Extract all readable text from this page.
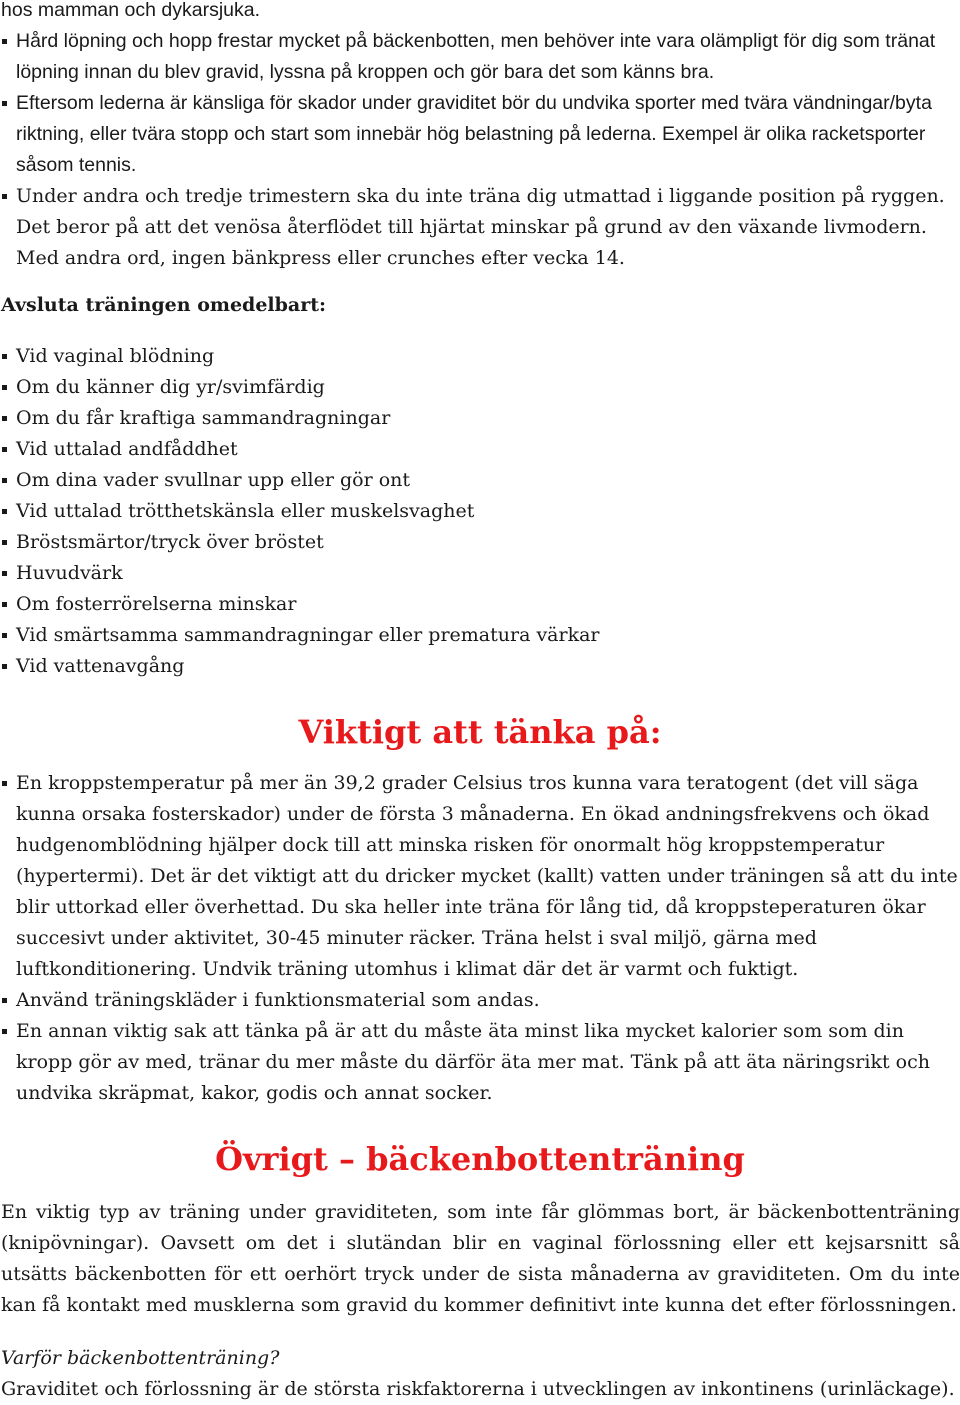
hos mamman och dykarsjuka.

Hård löpning och hopp frestar mycket på bäckenbotten, men behöver inte vara olämpligt för dig som tränat löpning innan du blev gravid, lyssna på kroppen och gör bara det som känns bra.
Eftersom lederna är känsliga för skador under graviditet bör du undvika sporter med tvära vändningar/byta riktning, eller tvära stopp och start som innebär hög belastning på lederna. Exempel är olika racketsporter såsom tennis.
Under andra och tredje trimestern ska du inte träna dig utmattad i liggande position på ryggen. Det beror på att det venösa återflödet till hjärtat minskar på grund av den växande livmodern. Med andra ord, ingen bänkpress eller crunches efter vecka 14.

Avsluta träningen omedelbart:

Vid vaginal blödning
Om du känner dig yr/svimfärdig
Om du får kraftiga sammandragningar
Vid uttalad andfåddhet
Om dina vader svullnar upp eller gör ont
Vid uttalad trötthetskänsla eller muskelsvaghet
Bröstsmärtor/tryck över bröstet
Huvudvärk
Om fosterrörelserna minskar
Vid smärtsamma sammandragningar eller prematura värkar
Vid vattenavgång
Viktigt att tänka på:
En kroppstemperatur på mer än 39,2 grader Celsius tros kunna vara teratogent (det vill säga kunna orsaka fosterskador) under de första 3 månaderna. En ökad andningsfrekvens och ökad hudgenomblödning hjälper dock till att minska risken för onormalt hög kroppstemperatur (hypertermi). Det är det viktigt att du dricker mycket (kallt) vatten under träningen så att du inte blir uttorkad eller överhettad. Du ska heller inte träna för lång tid, då kroppsteperaturen ökar succesivt under aktivitet, 30-45 minuter räcker. Träna helst i sval miljö, gärna med luftkonditionering. Undvik träning utomhus i klimat där det är varmt och fuktigt.
Använd träningskläder i funktionsmaterial som andas.
En annan viktig sak att tänka på är att du måste äta minst lika mycket kalorier som som din kropp gör av med, tränar du mer måste du därför äta mer mat. Tänk på att äta näringsrikt och undvika skräpmat, kakor, godis och annat socker.
Övrigt – bäckenbottenträning

En viktig typ av träning under graviditeten, som inte får glömmas bort, är bäckenbottenträning (knipövningar). Oavsett om det i slutändan blir en vaginal förlossning eller ett kejsarsnitt så utsätts bäckenbotten för ett oerhört tryck under de sista månaderna av graviditeten. Om du inte kan få kontakt med musklerna som gravid du kommer definitivt inte kunna det efter förlossningen.

Varför bäckenbottenträning?

Graviditet och förlossning är de största riskfaktorerna i utvecklingen av inkontinens (urinläckage).
